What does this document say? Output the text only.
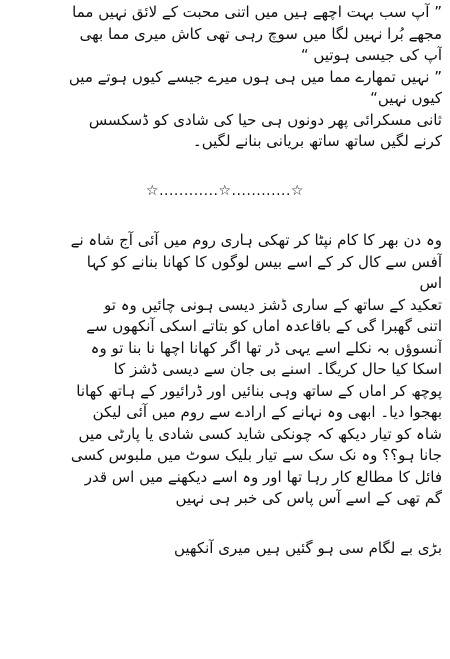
” آپ سب بہت اچھے ہیں میں اتنی محبت کے لائق نہیں مما
مجھے بُرا نہیں لگا میں سوچ رہی تھی کاش میری مما بھی
آپ کی جیسی ہوتیں “
” نہیں تمھارے مما میں ہی ہوں میرے جیسے کیوں ہوتے میں
کیوں نہیں“
ثانی مسکرائی پھر دونوں ہی حیا کی شادی کو ڈسکسس
کرنے لگیں ساتھ ساتھ بریانی بنانے لگیں۔
☆............☆............☆
وہ دن بھر کا کام نپٹا کر تھکی ہاری روم میں آئی آج شاہ نے
آفس سے کال کر کے اسے بیس لوگوں کا کھانا بنانے کو کہا
اس
تعکید کے ساتھ کے ساری ڈشز دیسی ہونی چائیں وہ تو
اتنی گھبرا گی کے باقاعدہ اماں کو بتاتے اسکی آنکھوں سے
آنسوؤں بہ نکلے اسے یہی ڈر تھا اگر کھانا اچھا نا بنا تو وہ
اسکا کیا حال کریگا۔ اسنے بی جان سے دیسی ڈشز کا
پوچھ کر اماں کے ساتھ وہی بنائیں اور ڈرائیور کے ہاتھ کھانا
بھجوا دیا۔ ابھی وہ نہانے کے ارادے سے روم میں آئی لیکن
شاہ کو تیار دیکھ کہ چونکی شاید کسی شادی یا پارٹی میں
جانا ہو؟؟ وہ نک سک سے تیار بلیک سوٹ میں ملبوس کسی
فائل کا مطالع کار رہا تھا اور وہ اسے دیکھنے میں اس قدر
گم تھی کے اسے آس پاس کی خبر ہی نہیں
بڑی بے لگام سی ہو گئیں ہیں میری آنکھیں
